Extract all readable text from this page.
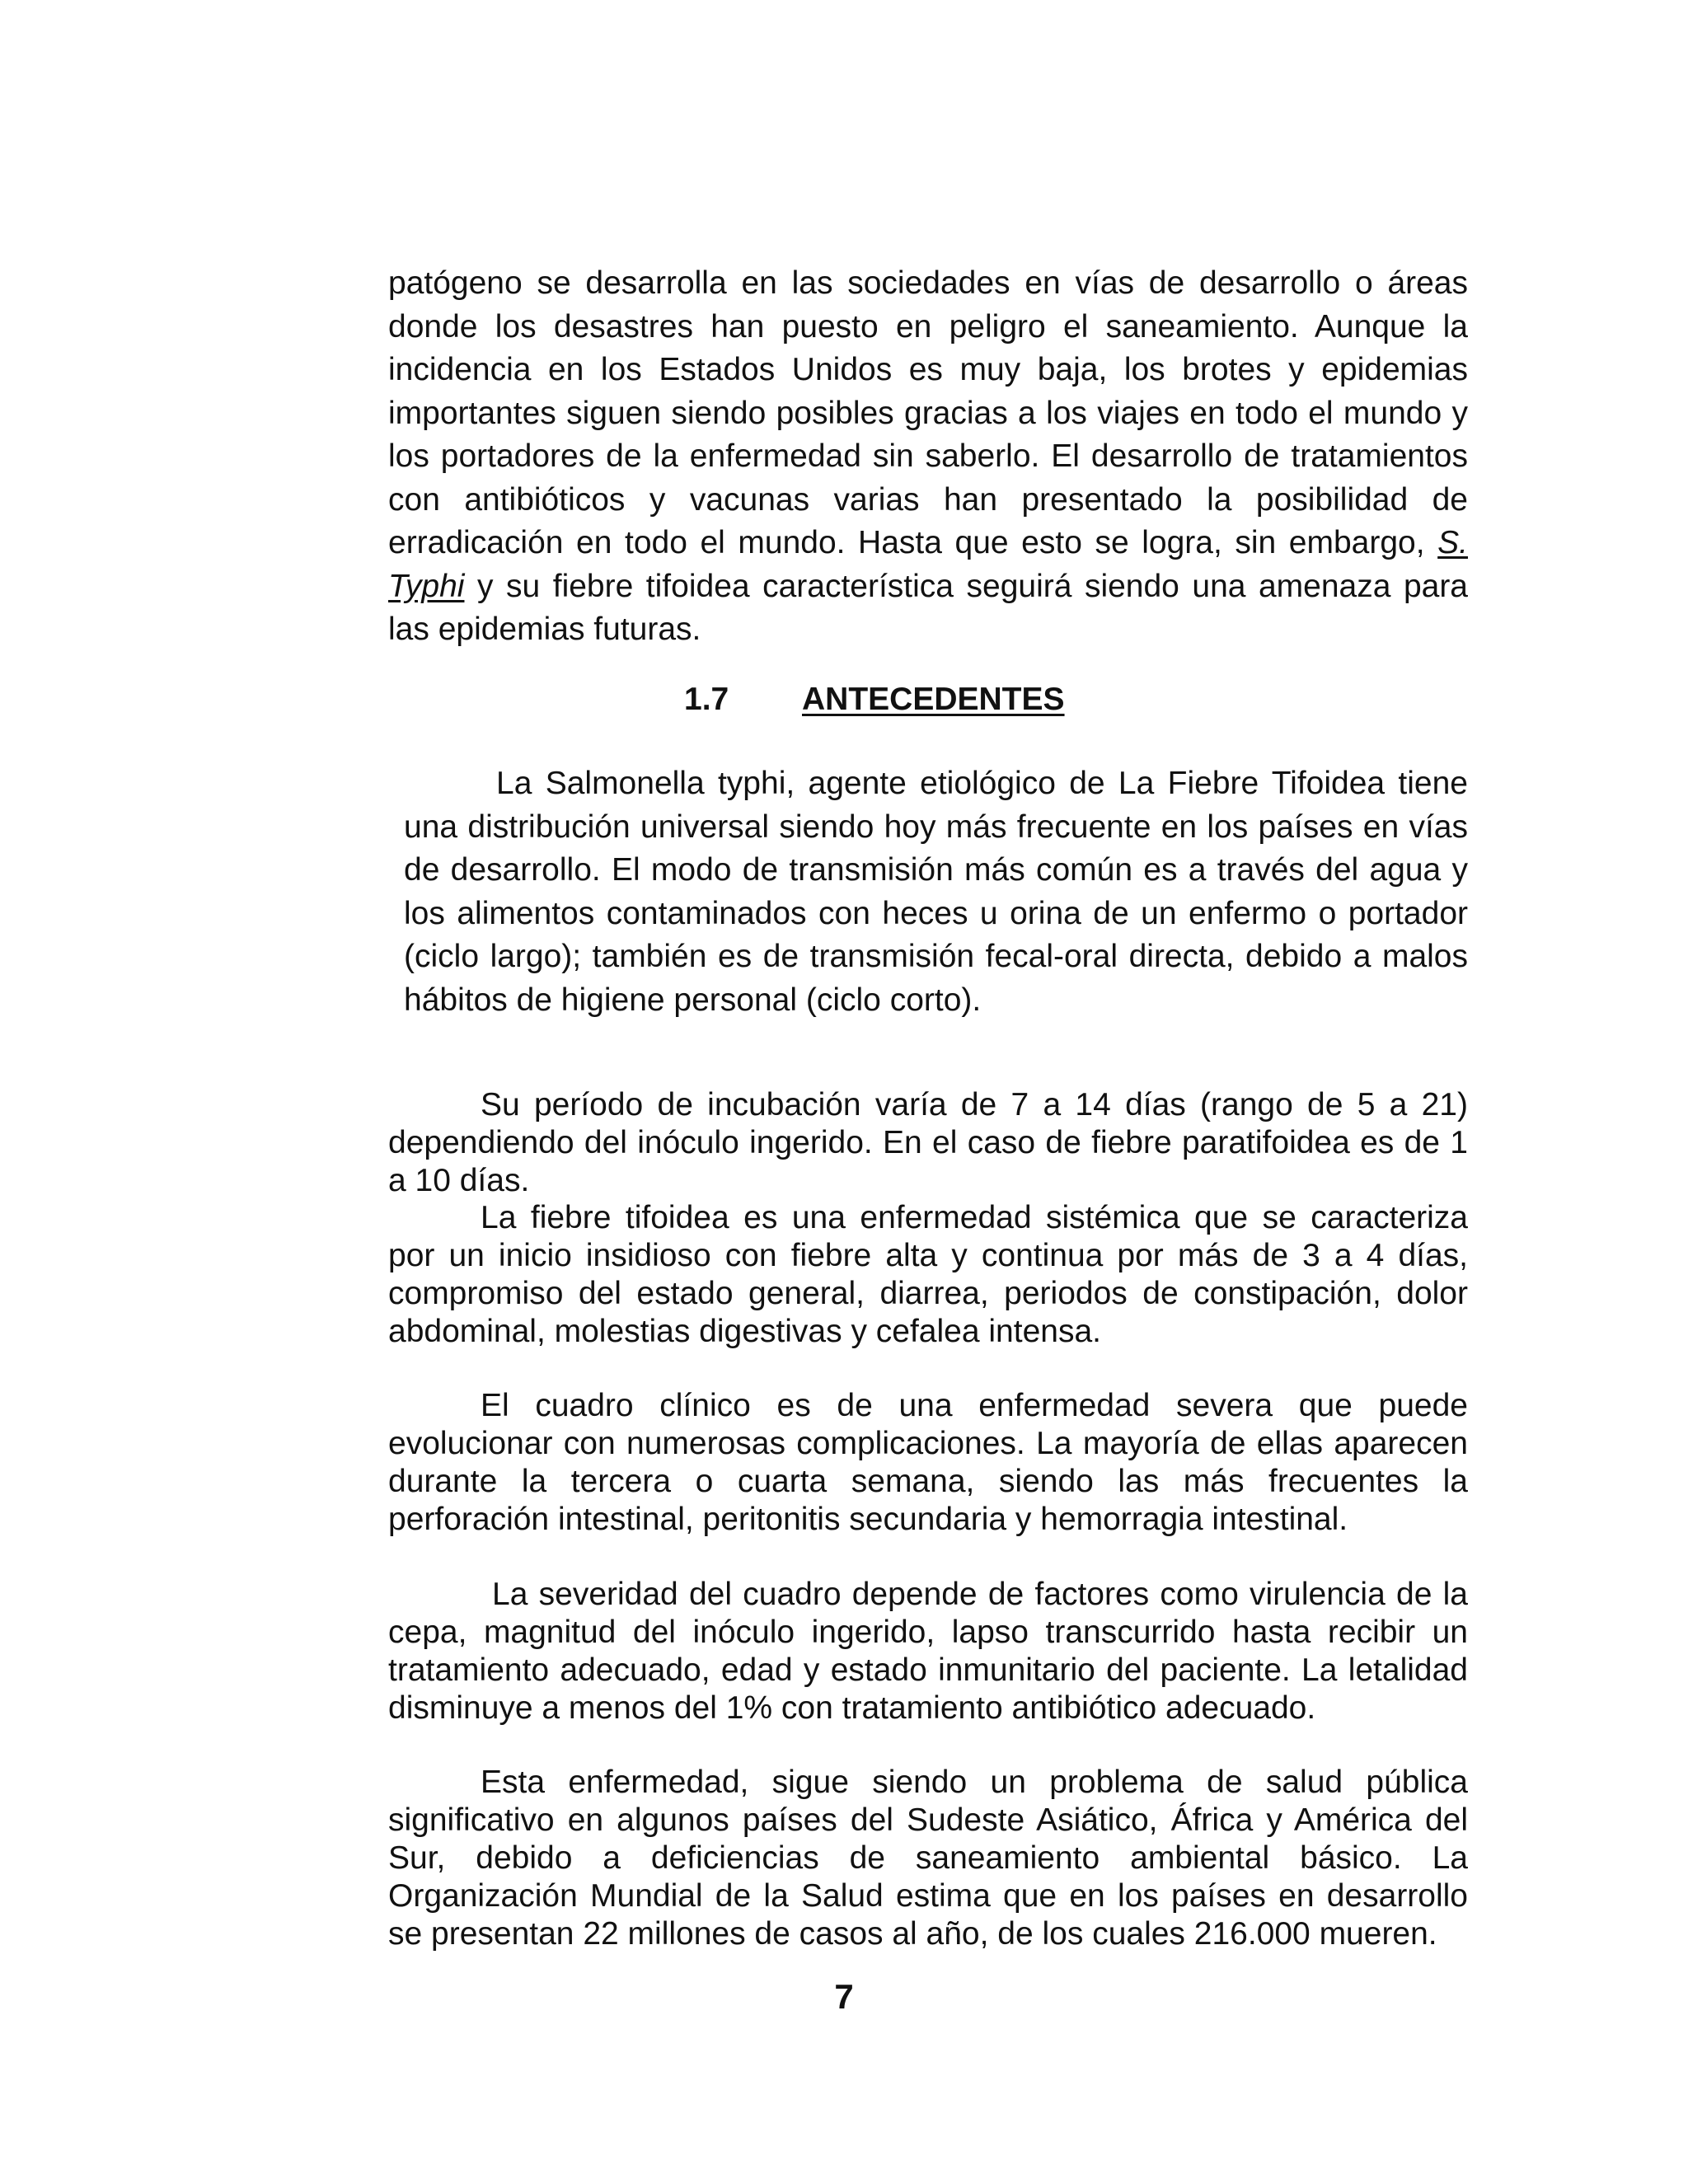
patógeno se desarrolla en las sociedades en vías de desarrollo o áreas donde los desastres han puesto en peligro el saneamiento. Aunque la incidencia en los Estados Unidos es muy baja, los brotes y epidemias importantes siguen siendo posibles gracias a los viajes en todo el mundo y los portadores de la enfermedad sin saberlo. El desarrollo de tratamientos con antibióticos y vacunas varias han presentado la posibilidad de erradicación en todo el mundo. Hasta que esto se logra, sin embargo, S. Typhi y su fiebre tifoidea característica seguirá siendo una amenaza para las epidemias futuras.

1.7 ANTECEDENTES

La Salmonella typhi, agente etiológico de La Fiebre Tifoidea tiene una distribución universal siendo hoy más frecuente en los países en vías de desarrollo. El modo de transmisión más común es a través del agua y los alimentos contaminados con heces u orina de un enfermo o portador (ciclo largo); también es de transmisión fecal-oral directa, debido a malos hábitos de higiene personal (ciclo corto).

Su período de incubación varía de 7 a 14 días (rango de 5 a 21) dependiendo del inóculo ingerido. En el caso de fiebre paratifoidea es de 1 a 10 días.

La fiebre tifoidea es una enfermedad sistémica que se caracteriza por un inicio insidioso con fiebre alta y continua por más de 3 a 4 días, compromiso del estado general, diarrea, periodos de constipación, dolor abdominal, molestias digestivas y cefalea intensa.

El cuadro clínico es de una enfermedad severa que puede evolucionar con numerosas complicaciones. La mayoría de ellas aparecen durante la tercera o cuarta semana, siendo las más frecuentes la perforación intestinal, peritonitis secundaria y hemorragia intestinal.

La severidad del cuadro depende de factores como virulencia de la cepa, magnitud del inóculo ingerido, lapso transcurrido hasta recibir un tratamiento adecuado, edad y estado inmunitario del paciente. La letalidad disminuye a menos del 1% con tratamiento antibiótico adecuado.

Esta enfermedad, sigue siendo un problema de salud pública significativo en algunos países del Sudeste Asiático, África y América del Sur, debido a deficiencias de saneamiento ambiental básico. La Organización Mundial de la Salud estima que en los países en desarrollo se presentan 22 millones de casos al año, de los cuales 216.000 mueren.

7
